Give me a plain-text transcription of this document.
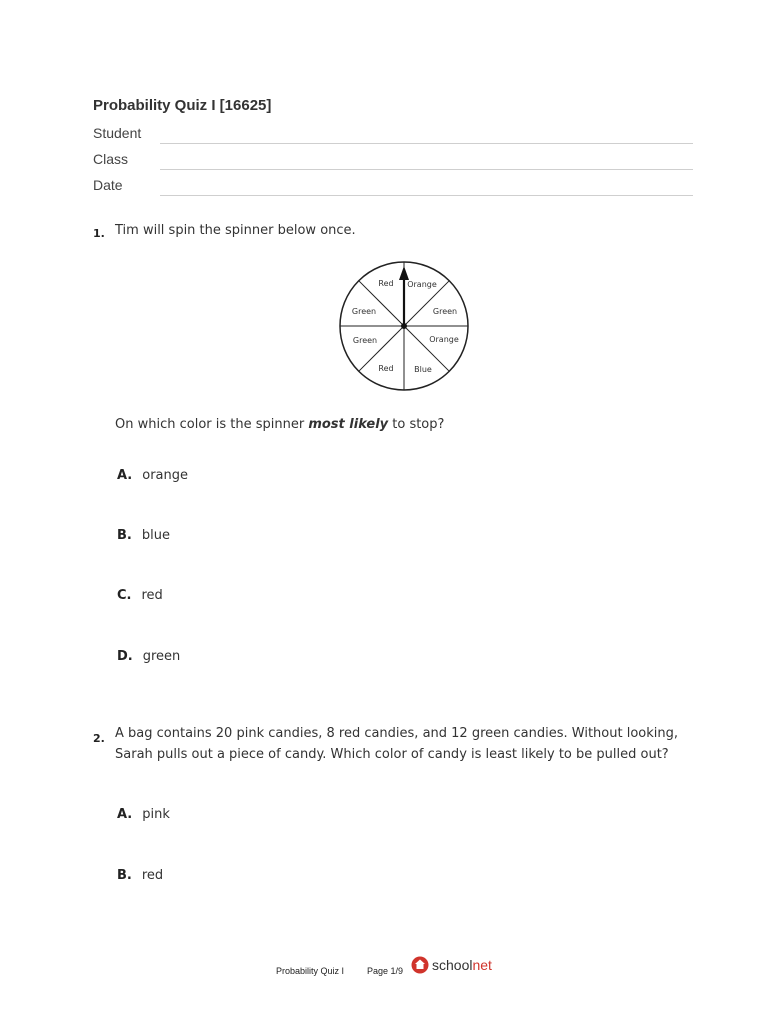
Probability Quiz I [16625]
Student
Class
Date
1. Tim will spin the spinner below once.
Red Orange
Green
Orange
Blue
Red
Green
Green
On which color is the spinner most likely to stop?
A. orange
B. blue
C. red
D. green
2. A bag contains 20 pink candies, 8 red candies, and 12 green candies. Without looking,
Sarah pulls out a piece of candy. Which color of candy is least likely to be pulled out?
A. pink
B. red
Probability Quiz I	Page 1/9 school net
